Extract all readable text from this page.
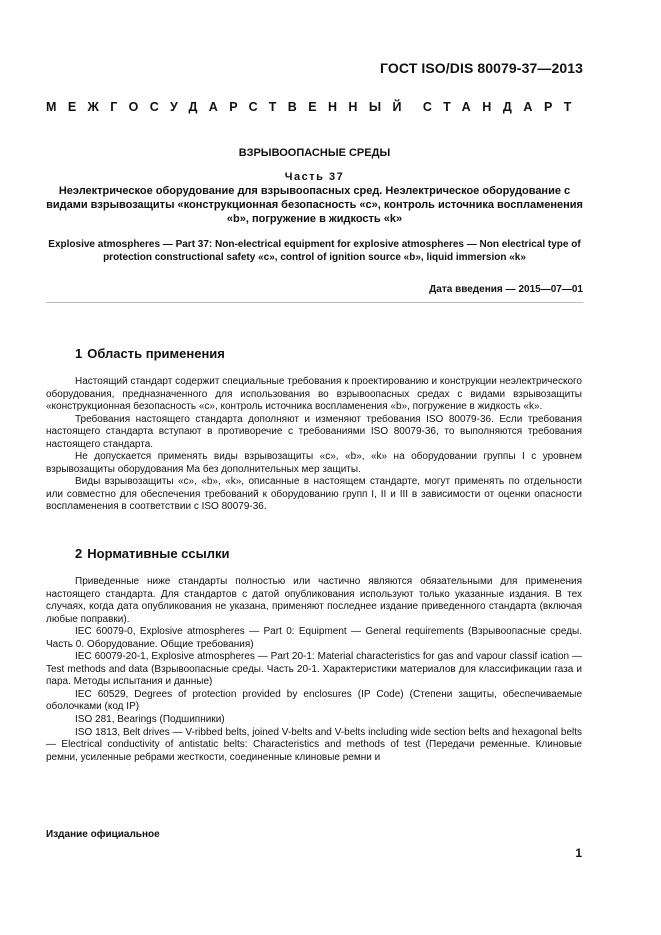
ГОСТ ISO/DIS 80079-37—2013
МЕЖГОСУДАРСТВЕННЫЙ СТАНДАРТ
ВЗРЫВООПАСНЫЕ СРЕДЫ
Часть 37
Неэлектрическое оборудование для взрывоопасных сред. Неэлектрическое оборудование с видами взрывозащиты «конструкционная безопасность «с», контроль источника воспламенения «b», погружение в жидкость «k»
Explosive atmospheres — Part 37: Non-electrical equipment for explosive atmospheres — Non electrical type of protection constructional safety «с», control of ignition source «b», liquid immersion «k»
Дата введения — 2015—07—01
1 Область применения

Настоящий стандарт содержит специальные требования к проектированию и конструкции неэлектрического оборудования, предназначенного для использования во взрывоопасных средах с видами взрывозащиты «конструкционная безопасность «с», контроль источника воспламенения «b», погружение в жидкость «k».

Требования настоящего стандарта дополняют и изменяют требования ISO 80079-36. Если требования настоящего стандарта вступают в противоречие с требованиями ISO 80079-36, то выполняются требования настоящего стандарта.

Не допускается применять виды взрывозащиты «с», «b», «k» на оборудовании группы I с уровнем взрывозащиты оборудования Ма без дополнительных мер защиты.

Виды взрывозащиты «с», «b», «k», описанные в настоящем стандарте, могут применять по отдельности или совместно для обеспечения требований к оборудованию групп I, II и III в зависимости от оценки опасности воспламенения в соответствии с ISO 80079-36.

2 Нормативные ссылки

Приведенные ниже стандарты полностью или частично являются обязательными для применения настоящего стандарта. Для стандартов с датой опубликования используют только указанные издания. В тех случаях, когда дата опубликования не указана, применяют последнее издание приведенного стандарта (включая любые поправки).

IEC 60079-0, Explosive atmospheres — Part 0: Equipment — General requirements (Взрывоопасные среды. Часть 0. Оборудование. Общие требования)

IEC 60079-20-1, Explosive atmospheres — Part 20-1: Material characteristics for gas and vapour classif ication — Test methods and data (Взрывоопасные среды. Часть 20-1. Характеристики материалов для классификации газа и пара. Методы испытания и данные)

IEC 60529, Degrees of protection provided by enclosures (IP Code) (Степени защиты, обеспечиваемые оболочками (код IP)

ISO 281, Bearings (Подшипники)

ISO 1813, Belt drives — V-ribbed belts, joined V-belts and V-belts including wide section belts and hexagonal belts — Electrical conductivity of antistatic belts: Characteristics and methods of test (Передачи ременные. Клиновые ремни, усиленные ребрами жесткости, соединенные клиновые ремни и

Издание официальное
1
